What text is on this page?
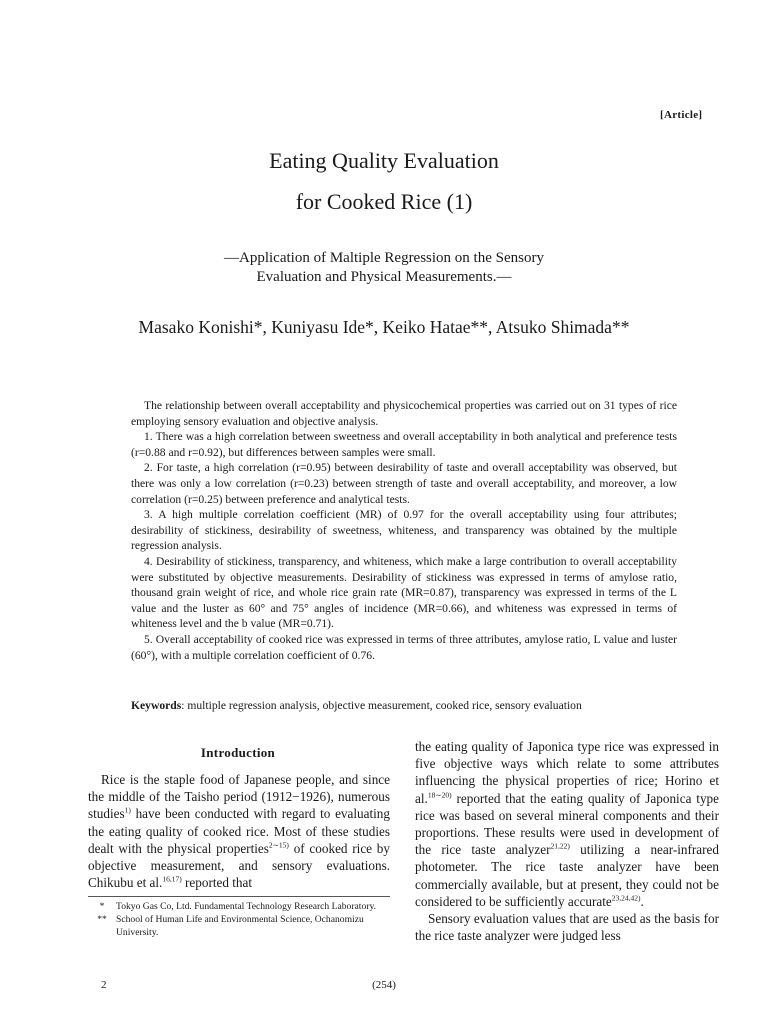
[Article]
Eating Quality Evaluation
for Cooked Rice (1)
—Application of Maltiple Regression on the Sensory
Evaluation and Physical Measurements.—
Masako Konishi*, Kuniyasu Ide*, Keiko Hatae**, Atsuko Shimada**

The relationship between overall acceptability and physicochemical properties was carried out on 31 types of rice employing sensory evaluation and objective analysis.

1. There was a high correlation between sweetness and overall acceptability in both analytical and preference tests (r=0.88 and r=0.92), but differences between samples were small.

2. For taste, a high correlation (r=0.95) between desirability of taste and overall acceptability was observed, but there was only a low correlation (r=0.23) between strength of taste and overall acceptability, and moreover, a low correlation (r=0.25) between preference and analytical tests.

3. A high multiple correlation coefficient (MR) of 0.97 for the overall acceptability using four attributes; desirability of stickiness, desirability of sweetness, whiteness, and transparency was obtained by the multiple regression analysis.

4. Desirability of stickiness, transparency, and whiteness, which make a large contribution to overall acceptability were substituted by objective measurements. Desirability of stickiness was expressed in terms of amylose ratio, thousand grain weight of rice, and whole rice grain rate (MR=0.87), transparency was expressed in terms of the L value and the luster as 60° and 75° angles of incidence (MR=0.66), and whiteness was expressed in terms of whiteness level and the b value (MR=0.71).

5. Overall acceptability of cooked rice was expressed in terms of three attributes, amylose ratio, L value and luster (60°), with a multiple correlation coefficient of 0.76.

Keywords: multiple regression analysis, objective measurement, cooked rice, sensory evaluation
Introduction

Rice is the staple food of Japanese people, and since the middle of the Taisho period (1912−1926), numerous studies$^{1)}$ have been conducted with regard to evaluating the eating quality of cooked rice. Most of these studies dealt with the physical properties$^{2\sim 15)}$ of cooked rice by objective measurement, and sensory evaluations. Chikubu et al.$^{16,17)}$ reported that

*	Tokyo Gas Co, Ltd. Fundamental Technology Research Laboratory.
** School of Human Life and Environmental Science, Ochanomizu University.

the eating quality of Japonica type rice was expressed in five objective ways which relate to some attributes influencing the physical properties of rice; Horino et al.$^{18\sim 20)}$ reported that the eating quality of Japonica type rice was based on several mineral components and their proportions. These results were used in development of the rice taste analyzer$^{21,22)}$ utilizing a near-infrared photometer. The rice taste analyzer have been commercially available, but at present, they could not be considered to be sufficiently accurate$^{23,24,42)}$.

Sensory evaluation values that are used as the basis for the rice taste analyzer were judged less

2	(254)
